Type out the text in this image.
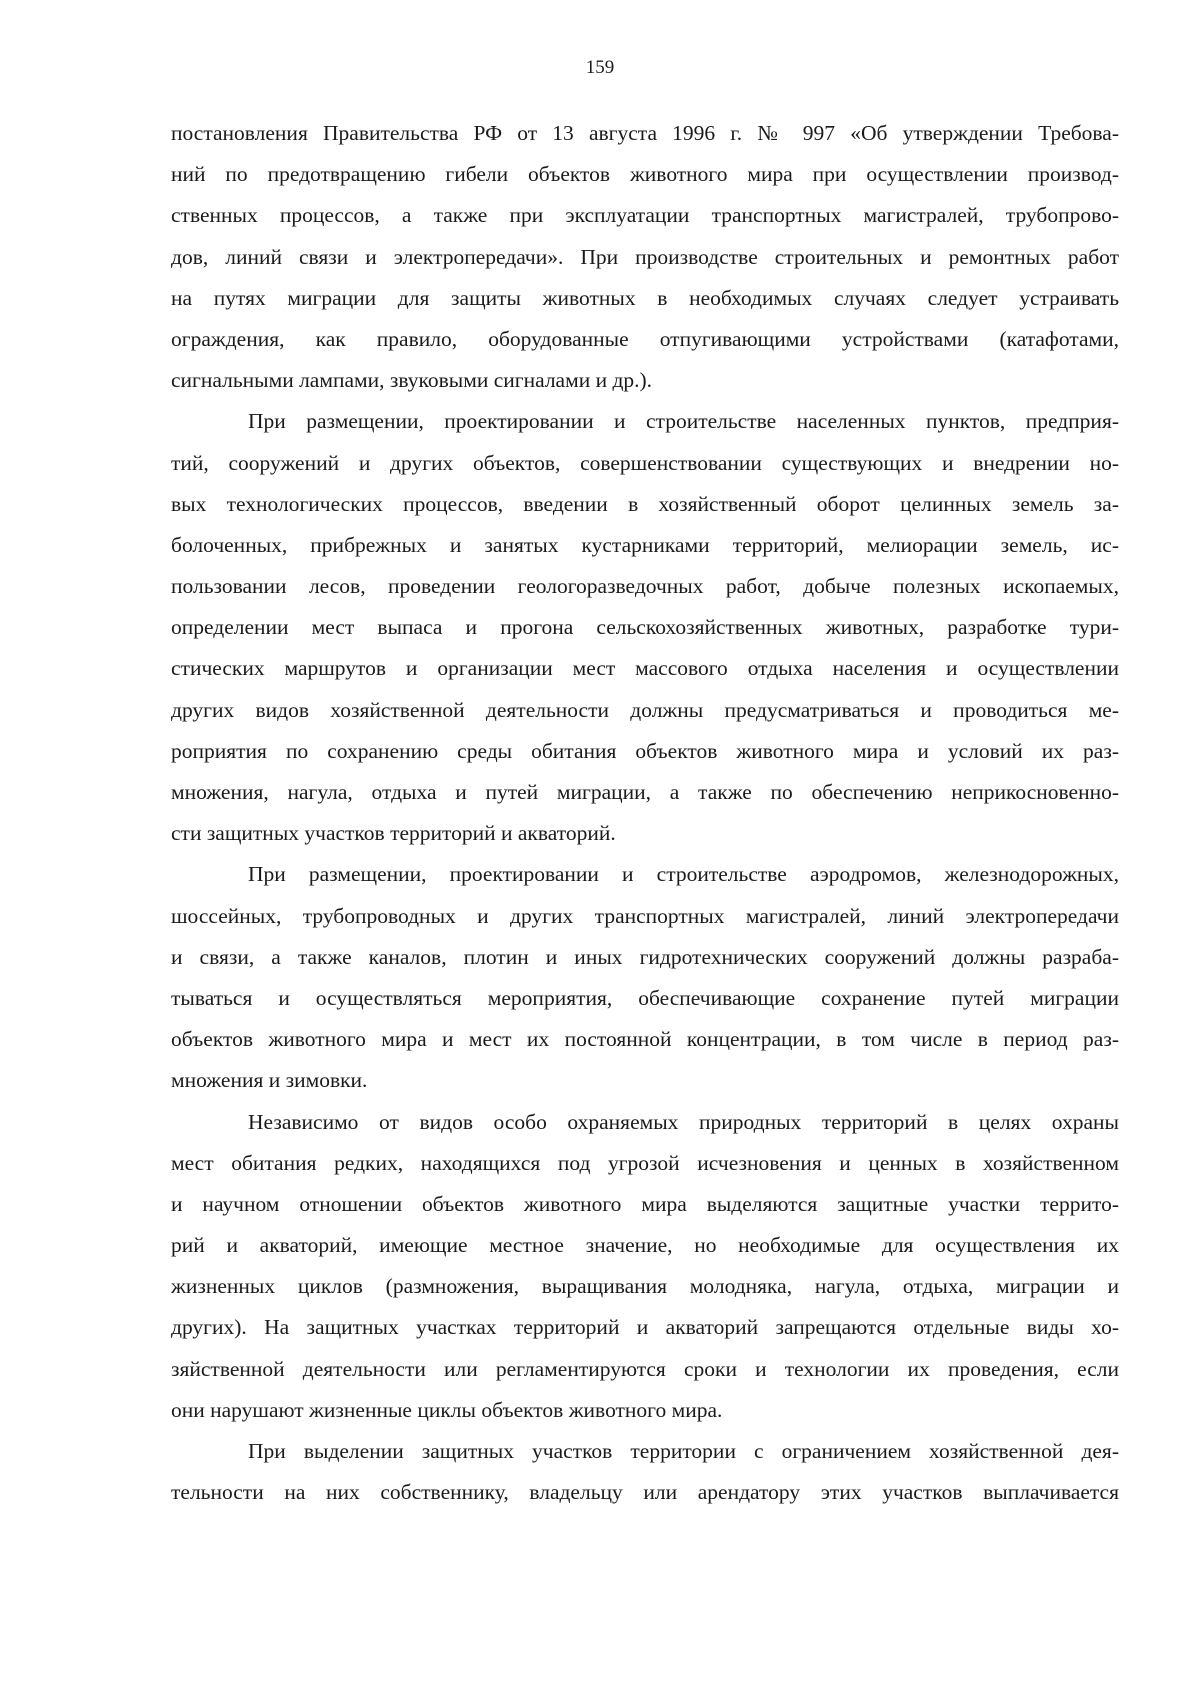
159
постановления Правительства РФ от 13 августа 1996 г. № 997 «Об утверждении Требова-
ний по предотвращению гибели объектов животного мира при осуществлении производ-
ственных процессов, а также при эксплуатации транспортных магистралей, трубопрово-
дов, линий связи и электропередачи». При производстве строительных и ремонтных работ
на путях миграции для защиты животных в необходимых случаях следует устраивать
ограждения, как правило, оборудованные отпугивающими устройствами (катафотами,
сигнальными лампами, звуковыми сигналами и др.).
При размещении, проектировании и строительстве населенных пунктов, предприя-
тий, сооружений и других объектов, совершенствовании существующих и внедрении но-
вых технологических процессов, введении в хозяйственный оборот целинных земель за-
болоченных, прибрежных и занятых кустарниками территорий, мелиорации земель, ис-
пользовании лесов, проведении геологоразведочных работ, добыче полезных ископаемых,
определении мест выпаса и прогона сельскохозяйственных животных, разработке тури-
стических маршрутов и организации мест массового отдыха населения и осуществлении
других видов хозяйственной деятельности должны предусматриваться и проводиться ме-
роприятия по сохранению среды обитания объектов животного мира и условий их раз-
множения, нагула, отдыха и путей миграции, а также по обеспечению неприкосновенно-
сти защитных участков территорий и акваторий.
При размещении, проектировании и строительстве аэродромов, железнодорожных,
шоссейных, трубопроводных и других транспортных магистралей, линий электропередачи
и связи, а также каналов, плотин и иных гидротехнических сооружений должны разраба-
тываться и осуществляться мероприятия, обеспечивающие сохранение путей миграции
объектов животного мира и мест их постоянной концентрации, в том числе в период раз-
множения и зимовки.
Независимо от видов особо охраняемых природных территорий в целях охраны
мест обитания редких, находящихся под угрозой исчезновения и ценных в хозяйственном
и научном отношении объектов животного мира выделяются защитные участки террито-
рий и акваторий, имеющие местное значение, но необходимые для осуществления их
жизненных циклов (размножения, выращивания молодняка, нагула, отдыха, миграции и
других). На защитных участках территорий и акваторий запрещаются отдельные виды хо-
зяйственной деятельности или регламентируются сроки и технологии их проведения, если
они нарушают жизненные циклы объектов животного мира.
При выделении защитных участков территории с ограничением хозяйственной дея-
тельности на них собственнику, владельцу или арендатору этих участков выплачивается
